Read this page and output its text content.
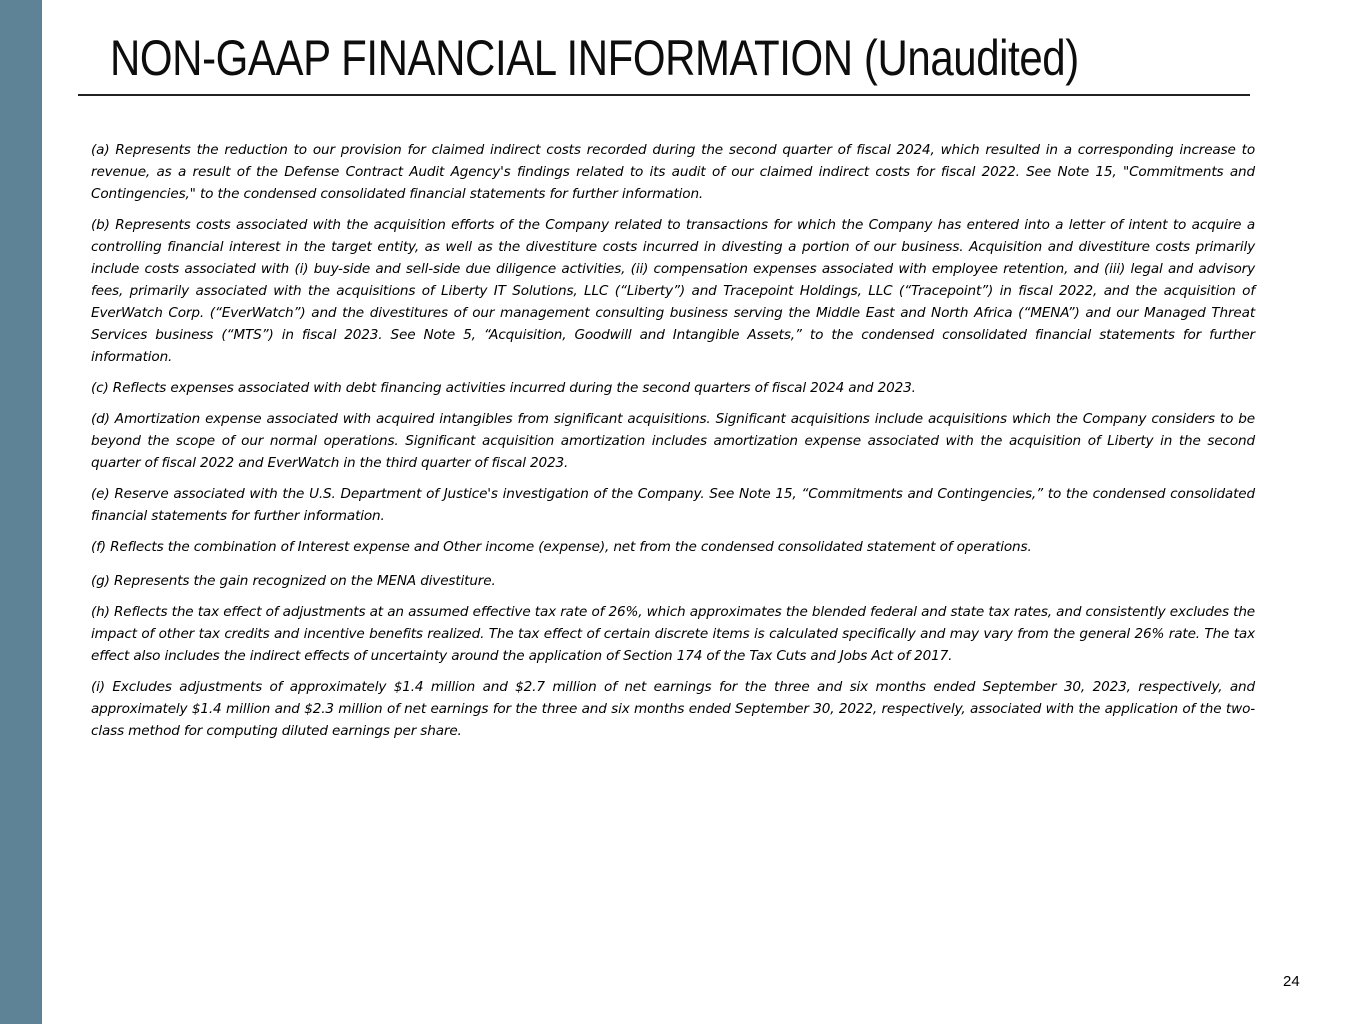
NON-GAAP FINANCIAL INFORMATION (Unaudited)

(a) Represents the reduction to our provision for claimed indirect costs recorded during the second quarter of fiscal 2024, which resulted in a corresponding increase to revenue, as a result of the Defense Contract Audit Agency's findings related to its audit of our claimed indirect costs for fiscal 2022. See Note 15, "Commitments and Contingencies," to the condensed consolidated financial statements for further information.

(b) Represents costs associated with the acquisition efforts of the Company related to transactions for which the Company has entered into a letter of intent to acquire a controlling financial interest in the target entity, as well as the divestiture costs incurred in divesting a portion of our business. Acquisition and divestiture costs primarily include costs associated with (i) buy-side and sell-side due diligence activities, (ii) compensation expenses associated with employee retention, and (iii) legal and advisory fees, primarily associated with the acquisitions of Liberty IT Solutions, LLC (“Liberty”) and Tracepoint Holdings, LLC (“Tracepoint”) in fiscal 2022, and the acquisition of EverWatch Corp. (“EverWatch”) and the divestitures of our management consulting business serving the Middle East and North Africa (“MENA”) and our Managed Threat Services business (“MTS”) in fiscal 2023. See Note 5, “Acquisition, Goodwill and Intangible Assets,” to the condensed consolidated financial statements for further information.

(c) Reflects expenses associated with debt financing activities incurred during the second quarters of fiscal 2024 and 2023.

(d) Amortization expense associated with acquired intangibles from significant acquisitions. Significant acquisitions include acquisitions which the Company considers to be beyond the scope of our normal operations. Significant acquisition amortization includes amortization expense associated with the acquisition of Liberty in the second quarter of fiscal 2022 and EverWatch in the third quarter of fiscal 2023.

(e) Reserve associated with the U.S. Department of Justice's investigation of the Company. See Note 15, “Commitments and Contingencies,” to the condensed consolidated financial statements for further information.

(f) Reflects the combination of Interest expense and Other income (expense), net from the condensed consolidated statement of operations.

(g) Represents the gain recognized on the MENA divestiture.

(h) Reflects the tax effect of adjustments at an assumed effective tax rate of 26%, which approximates the blended federal and state tax rates, and consistently excludes the impact of other tax credits and incentive benefits realized. The tax effect of certain discrete items is calculated specifically and may vary from the general 26% rate. The tax effect also includes the indirect effects of uncertainty around the application of Section 174 of the Tax Cuts and Jobs Act of 2017.

(i) Excludes adjustments of approximately $1.4 million and $2.7 million of net earnings for the three and six months ended September 30, 2023, respectively, and approximately $1.4 million and $2.3 million of net earnings for the three and six months ended September 30, 2022, respectively, associated with the application of the two-class method for computing diluted earnings per share.

24
